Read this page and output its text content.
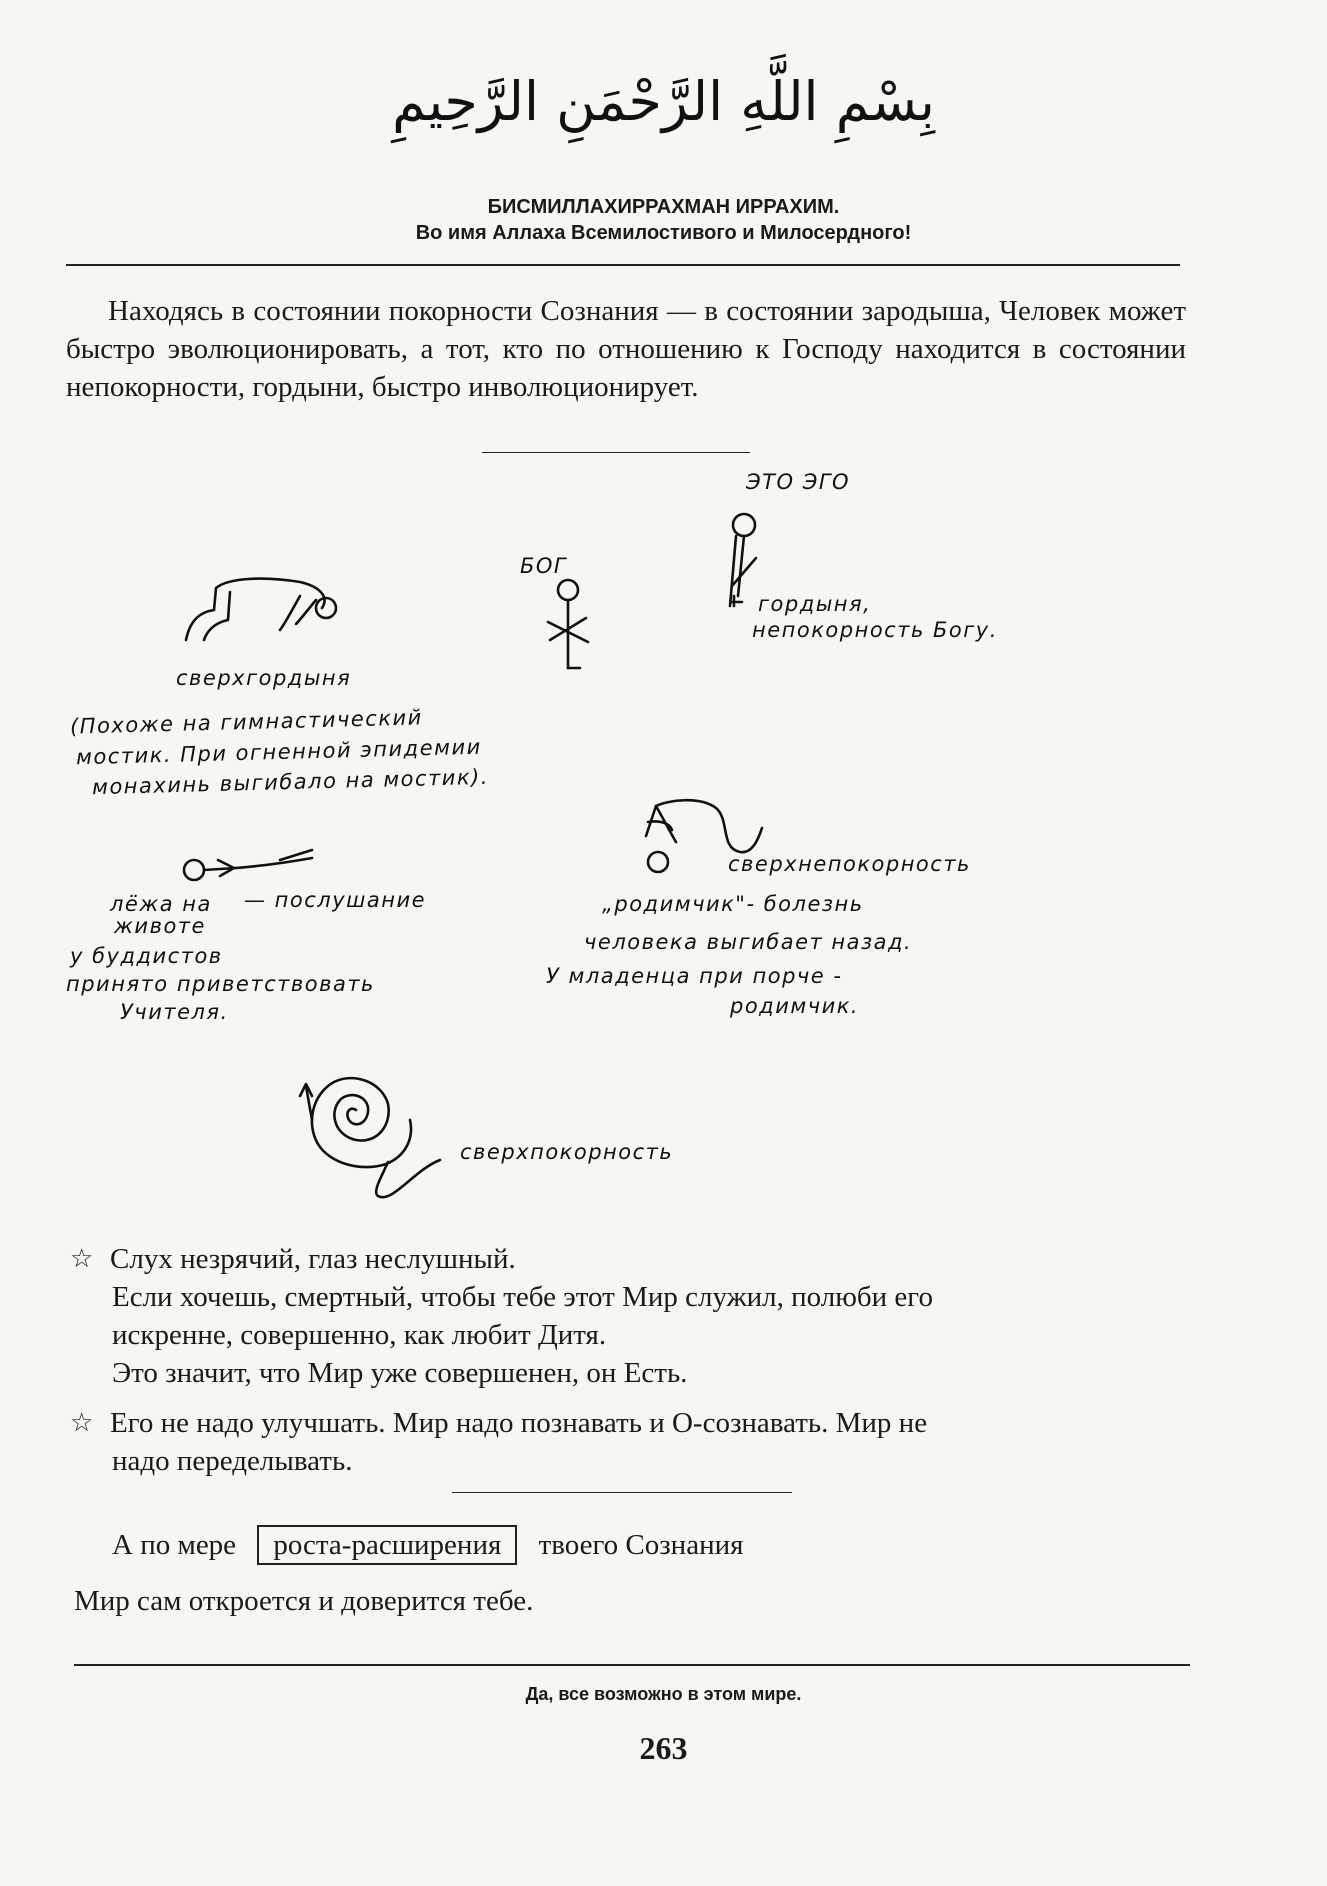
بِسْمِ اللَّهِ الرَّحْمَنِ الرَّحِيمِ
БИСМИЛЛАХИРРАХМАН ИРРАХИМ.
Во имя Аллаха Всемилостивого и Милосердного!
Находясь в состоянии покорности Сознания — в состоянии зародыша, Человек может быстро эволюционировать, а тот, кто по отношению к Господу находится в состоянии непокорности, гордыни, быстро инволюционирует.
ЭТО ЭГО
БОГ
гордыня,
непокорность Богу.
сверхгордыня
(Похоже на гимнастический
мостик. При огненной эпидемии
монахинь выгибало на мостик).
лёжа на — послушание
животе
у буддистов
принято приветствовать
Учителя.
сверхнепокорность
„родимчик"- болезнь
человека выгибает назад.
У младенца при порче -
родимчик.
сверхпокорность
☆ Слух незрячий, глаз неслушный.
Если хочешь, смертный, чтобы тебе этот Мир служил, полюби его
искренне, совершенно, как любит Дитя.
Это значит, что Мир уже совершенен, он Есть.
☆ Его не надо улучшать. Мир надо познавать и О-сознавать. Мир не
надо переделывать.
А по мере роста-расширения твоего Сознания
Мир сам откроется и доверится тебе.
Да, все возможно в этом мире.
263
